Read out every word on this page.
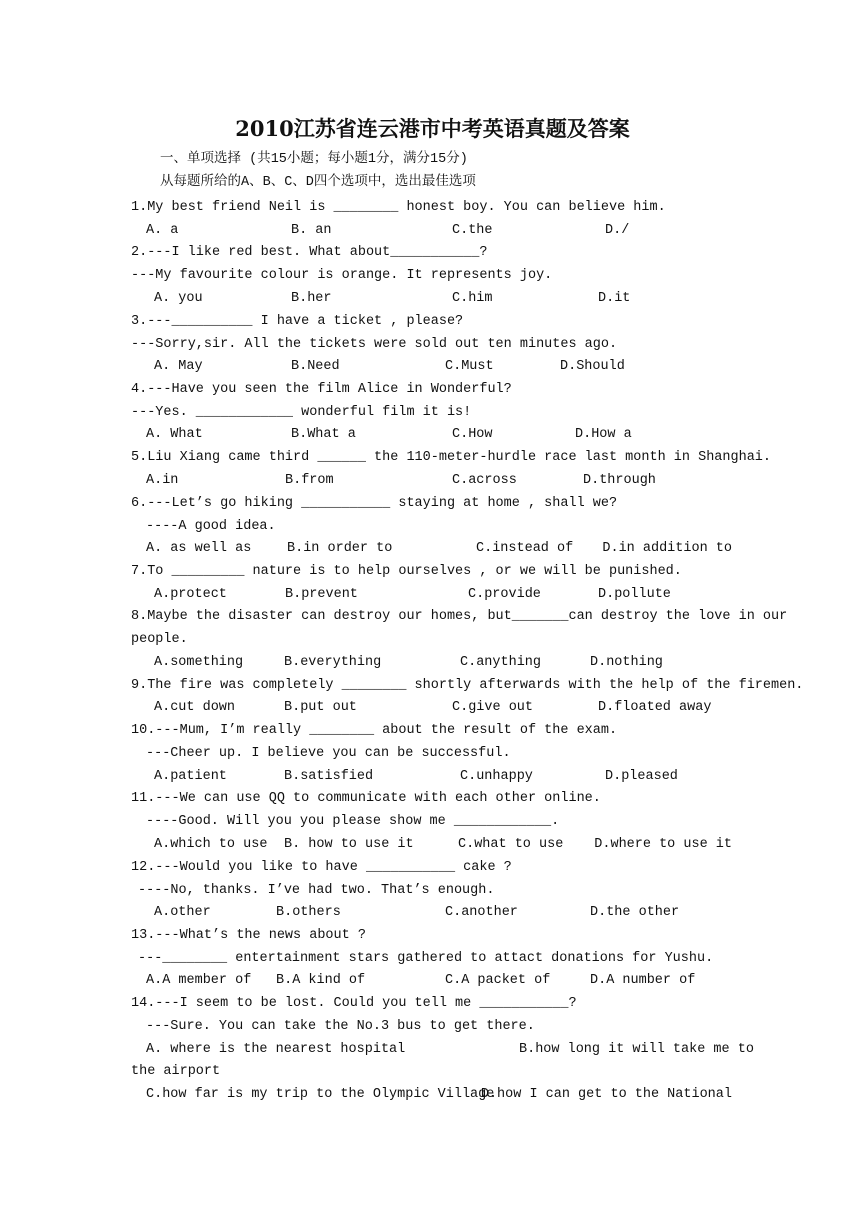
2010江苏省连云港市中考英语真题及答案
一、单项选择 (共15小题；每小题1分，满分15分)
从每题所给的A、B、C、D四个选项中，选出最佳选项
1.My best friend Neil is ________ honest boy. You can believe him.
A. a	B. an	C.the	D./
2.---I like red best. What about___________?
---My favourite colour is orange. It represents joy.
A. you	B.her	C.him	D.it
3.---__________ I have a ticket , please?
---Sorry,sir. All the tickets were sold out ten minutes ago.
A. May	B.Need	C.Must	D.Should
4.---Have you seen the film Alice in Wonderful?
---Yes. ____________ wonderful film it is!
A. What	B.What a	C.How	D.How a
5.Liu Xiang came third ______ the 110-meter-hurdle race last month in Shanghai.
A.in	B.from	C.across	D.through
6.---Let’s go hiking ___________ staying at home , shall we?
----A good idea.
A. as well as	B.in order to	C.instead of D.in addition to
7.To _________ nature is to help ourselves , or we will be punished.
A.protect	B.prevent	C.provide	D.pollute
8.Maybe the disaster can destroy our homes, but_______can destroy the love in our
people.
A.something	B.everything	C.anything	D.nothing
9.The fire was completely ________ shortly afterwards with the help of the firemen.
A.cut down	B.put out	C.give out	D.floated away
10.---Mum, I’m really ________ about the result of the exam.
---Cheer up. I believe you can be successful.
A.patient	B.satisfied	C.unhappy	D.pleased
11.---We can use QQ to communicate with each other online.
----Good. Will you you please show me ____________.
A.which to use B. how to use it	C.what to use D.where to use it
12.---Would you like to have ___________ cake ?
----No, thanks. I’ve had two. That’s enough.
A.other	B.others	C.another	D.the other
13.---What’s the news about ?
---________ entertainment stars gathered to attact donations for Yushu.
A.A member of B.A kind of	C.A packet of	D.A number of
14.---I seem to be lost. Could you tell me ___________?
---Sure. You can take the No.3 bus to get there.
A. where is the nearest hospital	B.how long it will take me to
the airport
C.how far is my trip to the Olympic Village
D.how I can get to the National
